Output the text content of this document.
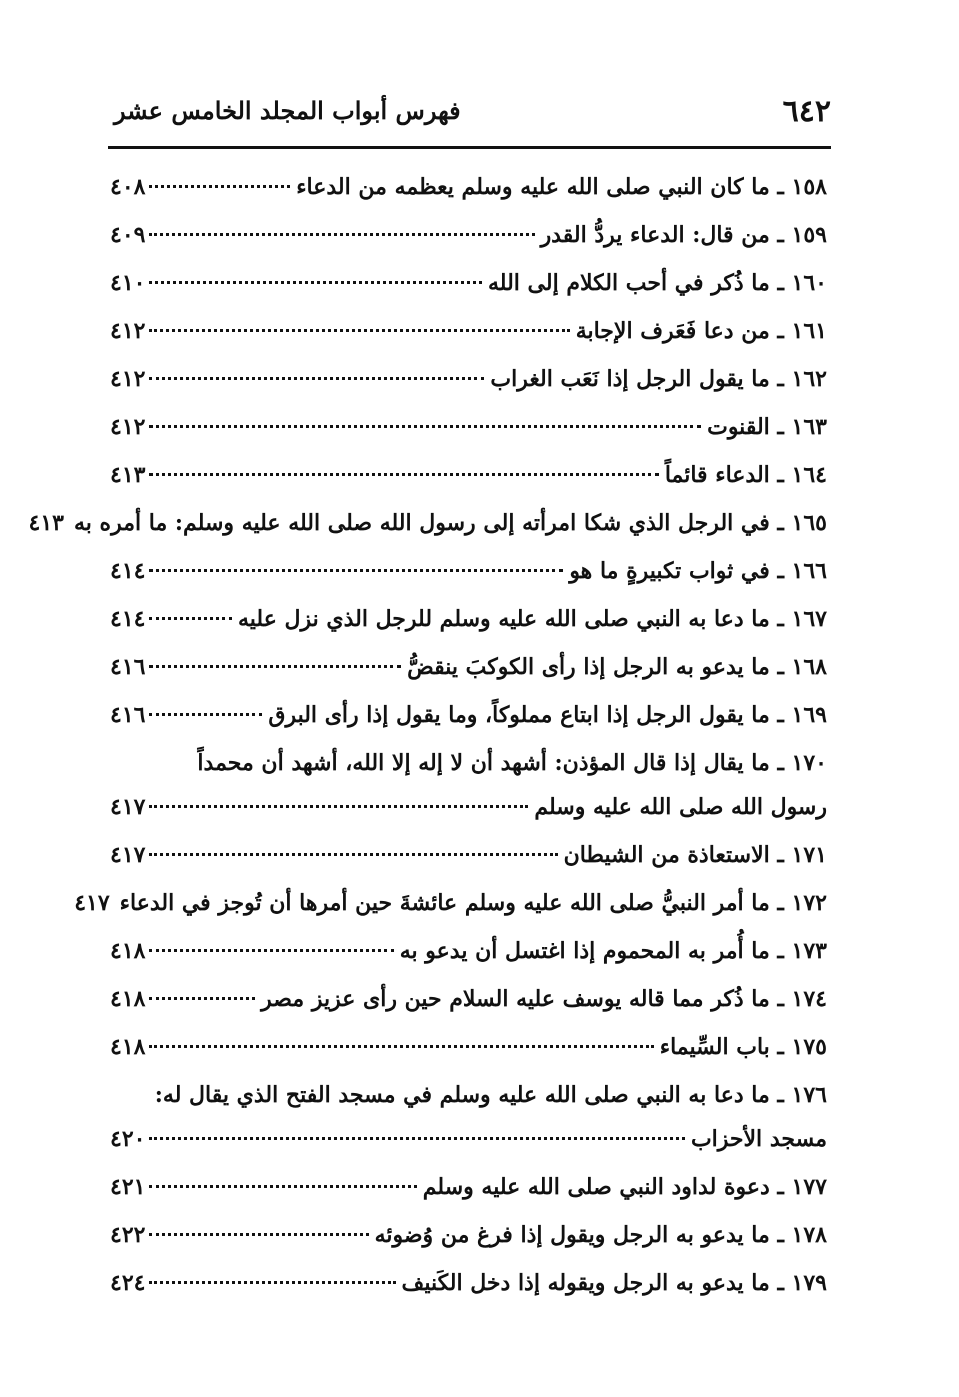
٦٤٢
فهرس أبواب المجلد الخامس عشر
١٥٨ ـ ما كان النبي صلى الله عليه وسلم يعظمه من الدعاء
٤٠٨
١٥٩ ـ من قال: الدعاء يردُّ القدر
٤٠٩
١٦٠ ـ ما ذُكر في أحب الكلام إلى الله
٤١٠
١٦١ ـ من دعا فَعَرف الإجابة
٤١٢
١٦٢ ـ ما يقول الرجل إذا نَعَب الغراب
٤١٢
١٦٣ ـ القنوت
٤١٢
١٦٤ ـ الدعاء قائماً
٤١٣
١٦٥ ـ في الرجل الذي شكا امرأته إلى رسول الله صلى الله عليه وسلم: ما أمره به
٤١٣
١٦٦ ـ في ثواب تكبيرةٍ ما هو
٤١٤
١٦٧ ـ ما دعا به النبي صلى الله عليه وسلم للرجل الذي نزل عليه
٤١٤
١٦٨ ـ ما يدعو به الرجل إذا رأى الكوكبَ ينقضُّ
٤١٦
١٦٩ ـ ما يقول الرجل إذا ابتاع مملوكاً، وما يقول إذا رأى البرق
٤١٦
١٧٠ ـ ما يقال إذا قال المؤذن: أشهد أن لا إله إلا الله، أشهد أن محمداً
رسول الله صلى الله عليه وسلم
٤١٧
١٧١ ـ الاستعاذة من الشيطان
٤١٧
١٧٢ ـ ما أمر النبيُّ صلى الله عليه وسلم عائشةَ حين أمرها أن تُوجز في الدعاء
٤١٧
١٧٣ ـ ما أُمر به المحموم إذا اغتسل أن يدعو به
٤١٨
١٧٤ ـ ما ذُكر مما قاله يوسف عليه السلام حين رأى عزيز مصر
٤١٨
١٧٥ ـ باب السِّيماء
٤١٨
١٧٦ ـ ما دعا به النبي صلى الله عليه وسلم في مسجد الفتح الذي يقال له:
مسجد الأحزاب
٤٢٠
١٧٧ ـ دعوة لداود النبي صلى الله عليه وسلم
٤٢١
١٧٨ ـ ما يدعو به الرجل ويقول إذا فرغ من وُضوئه
٤٢٢
١٧٩ ـ ما يدعو به الرجل ويقوله إذا دخل الكَنيف
٤٢٤
